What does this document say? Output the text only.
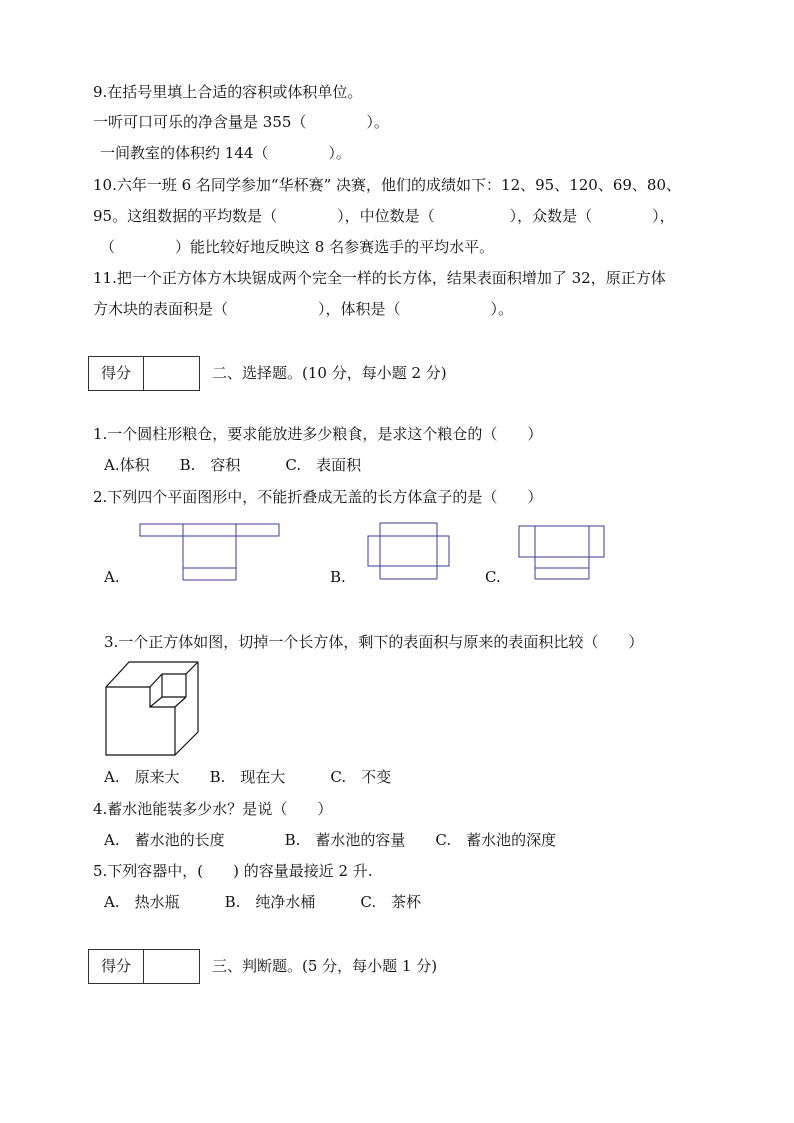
9.在括号里填上合适的容积或体积单位。
一听可口可乐的净含量是 355（　　　　）。
一间教室的体积约 144（　　　　）。
10.六年一班 6 名同学参加“华杯赛” 决赛，他们的成绩如下：12、95、120、69、80、
95。这组数据的平均数是（　　　　），中位数是（　　　　　），众数是（　　　　），
（　　　　）能比较好地反映这 8 名参赛选手的平均水平。
11.把一个正方体方木块锯成两个完全一样的长方体，结果表面积增加了 32，原正方体
方木块的表面积是（　　　　　　），体积是（　　　　　　）。
得分	二、选择题。(10 分，每小题 2 分)
1.一个圆柱形粮仓，要求能放进多少粮食，是求这个粮仓的（　　）
A.体积　　B.　容积　　　C.　表面积
2.下列四个平面图形中，不能折叠成无盖的长方体盒子的是（　　）
A.	B.	C.
3.一个正方体如图，切掉一个长方体，剩下的表面积与原来的表面积比较（　　）
A.　原来大　　B.　现在大　　　C.　不变
4.蓄水池能装多少水？是说（　　）
A.　蓄水池的长度　　　　B.　蓄水池的容量　　C.　蓄水池的深度
5.下列容器中，(　　) 的容量最接近 2 升.
A.　热水瓶　　　B.　纯净水桶　　　C.　茶杯
得分	三、判断题。(5 分，每小题 1 分)
